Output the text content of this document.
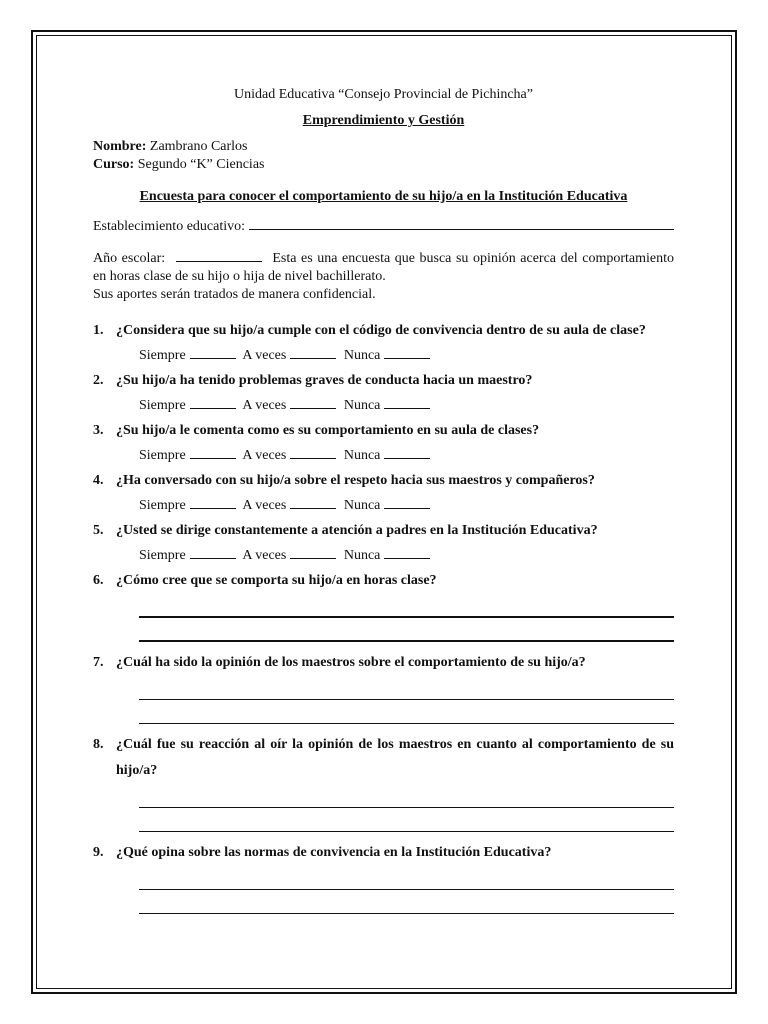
Unidad Educativa “Consejo Provincial de Pichincha”
Emprendimiento y Gestión
Nombre: Zambrano Carlos
Curso: Segundo “K” Ciencias
Encuesta para conocer el comportamiento de su hijo/a en la Institución Educativa
Establecimiento educativo:
Año escolar:	Esta es una encuesta que busca su opinión acerca del comportamiento en horas clase de su hijo o hija de nivel bachillerato.
Sus aportes serán tratados de manera confidencial.
1. ¿Considera que su hijo/a cumple con el código de convivencia dentro de su aula de clase?
Siempre	A veces	Nunca
2. ¿Su hijo/a ha tenido problemas graves de conducta hacia un maestro?
Siempre	A veces	Nunca
3. ¿Su hijo/a le comenta como es su comportamiento en su aula de clases?
Siempre	A veces	Nunca
4. ¿Ha conversado con su hijo/a sobre el respeto hacia sus maestros y compañeros?
Siempre	A veces	Nunca
5. ¿Usted se dirige constantemente a atención a padres en la Institución Educativa?
Siempre	A veces	Nunca
6. ¿Cómo cree que se comporta su hijo/a en horas clase?
7. ¿Cuál ha sido la opinión de los maestros sobre el comportamiento de su hijo/a?
8. ¿Cuál fue su reacción al oír la opinión de los maestros en cuanto al comportamiento de su hijo/a?
9. ¿Qué opina sobre las normas de convivencia en la Institución Educativa?
